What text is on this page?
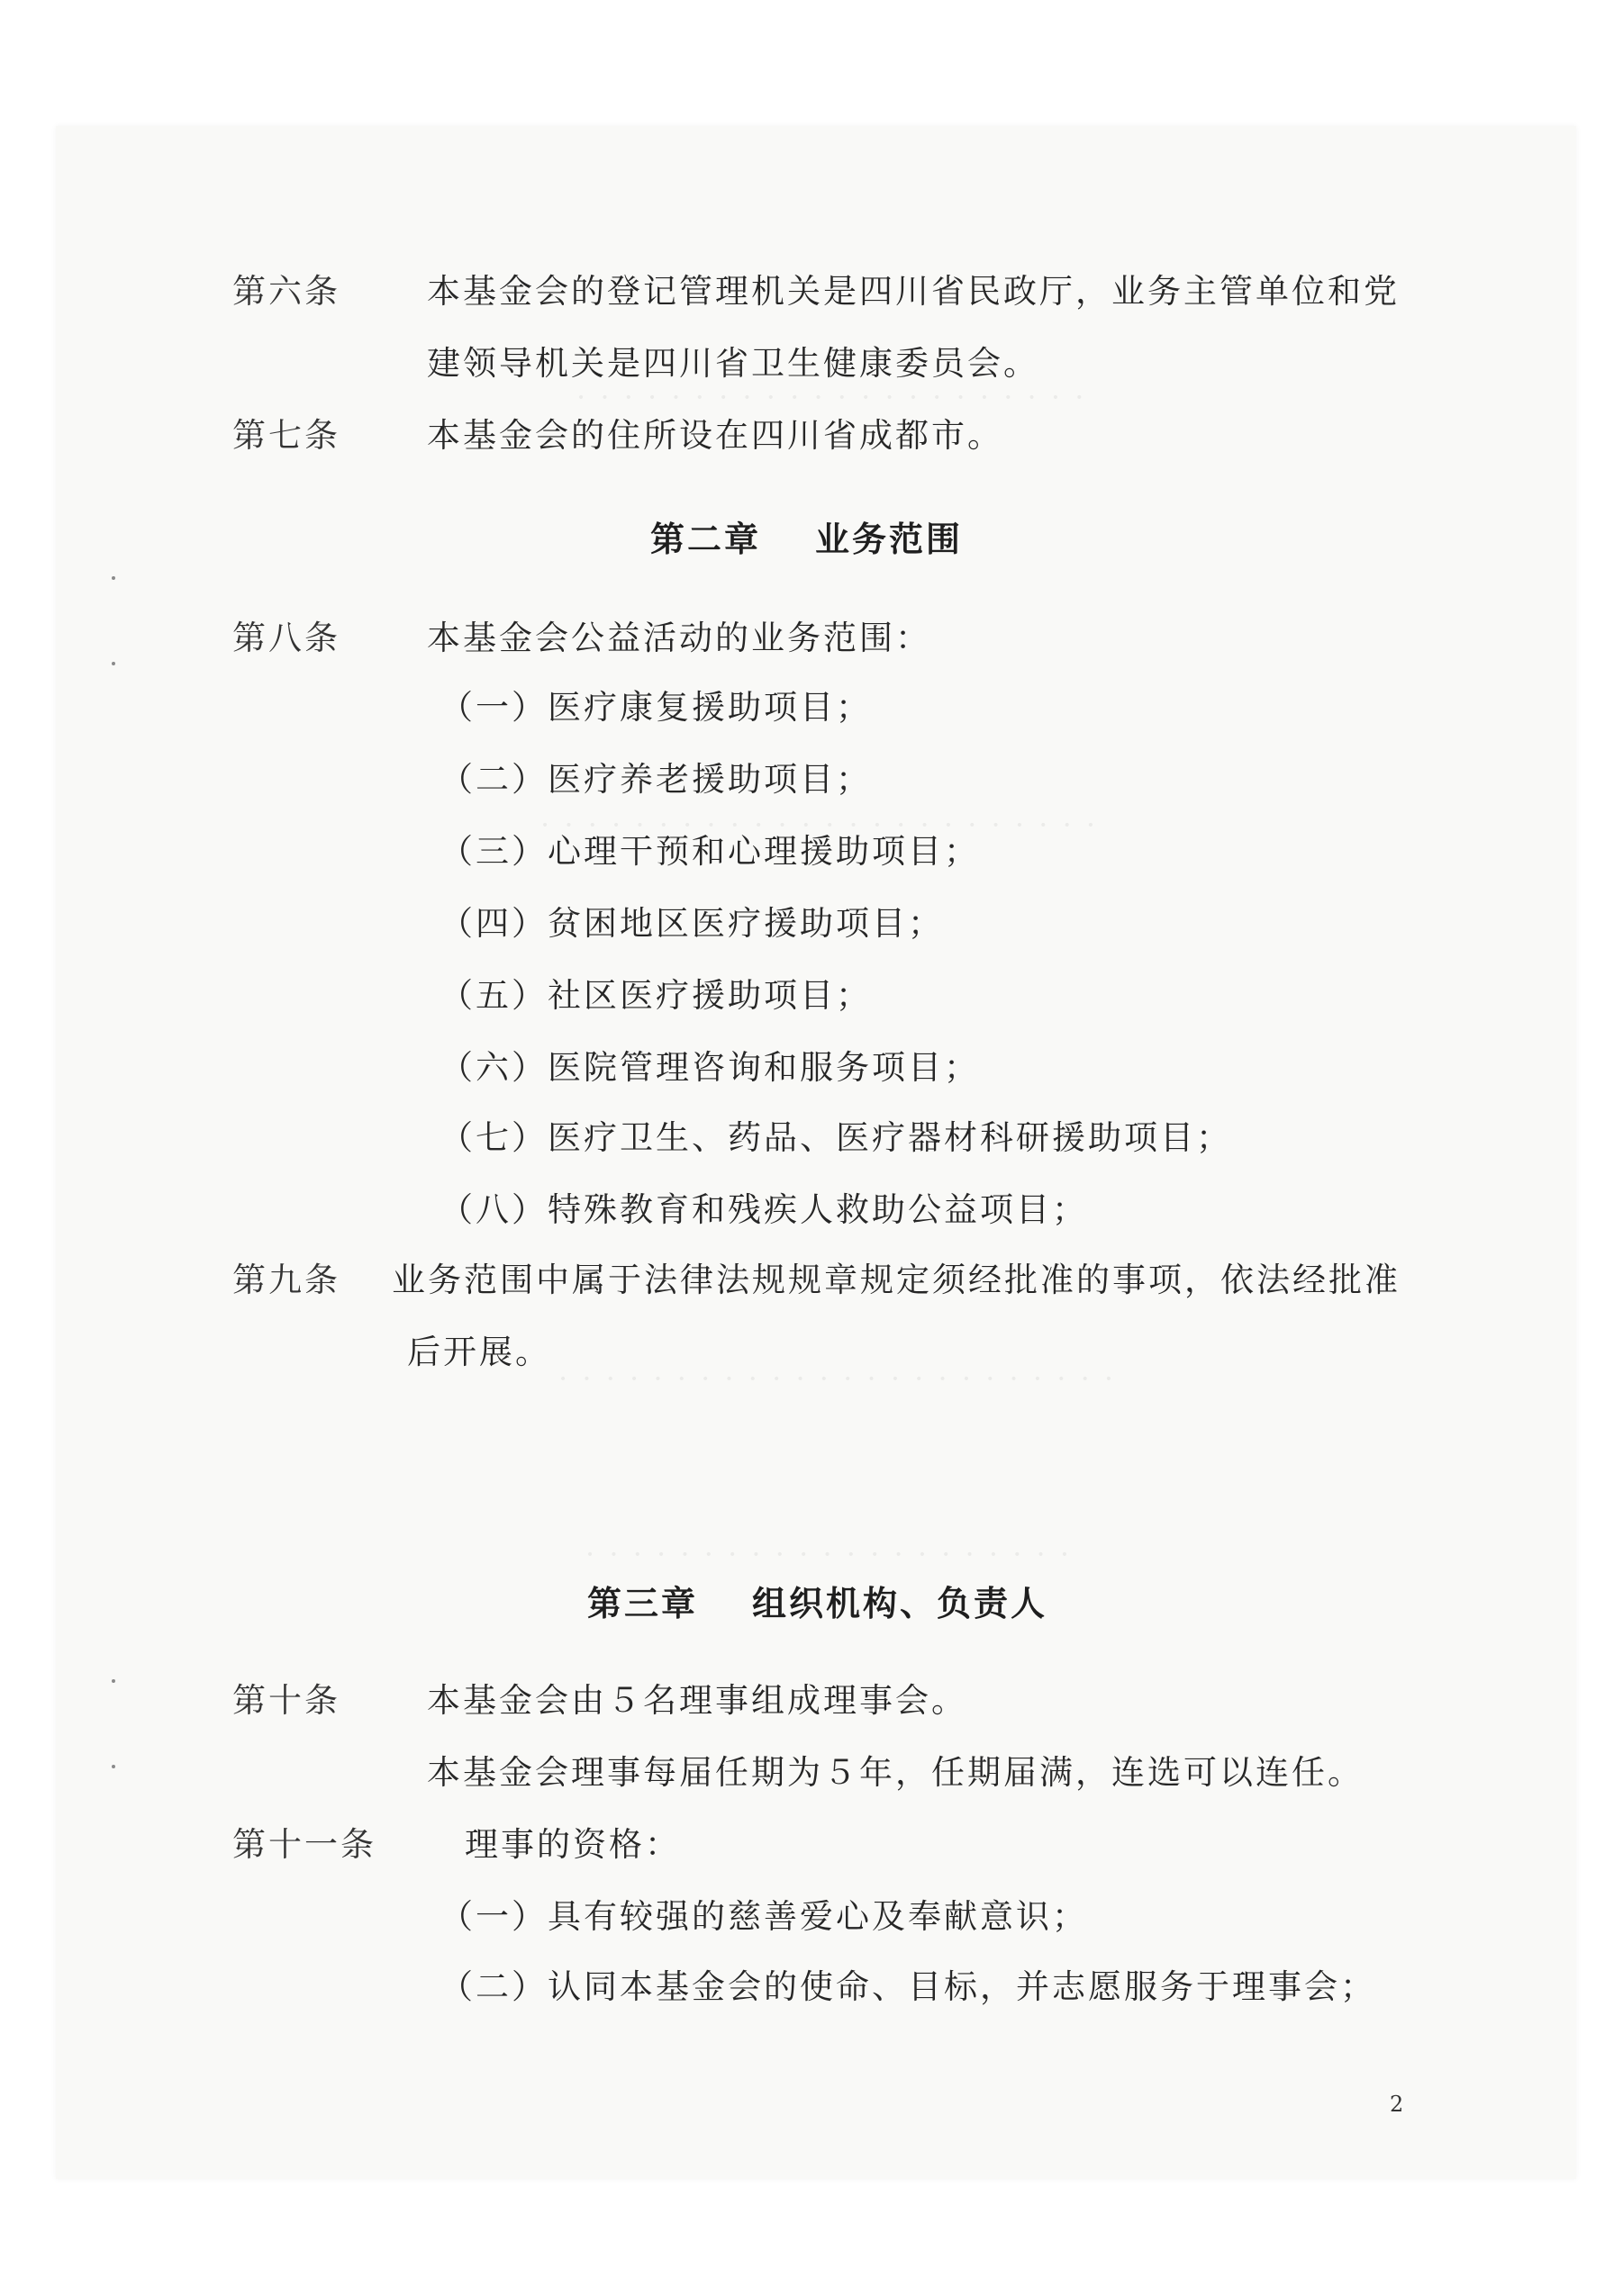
· · · · · · · · · · · · · · · · · · · · · ·
· · · · · · · · · · · · · · · · · · · · · · · ·
· · · · · · · · · · · · · · · · · · · · · · · ·
· · · · · · · · · · · · · · · · · · · · ·
第六条	本基金会的登记管理机关是四川省民政厅，业务主管单位和党
建领导机关是四川省卫生健康委员会。
第七条	本基金会的住所设在四川省成都市。
第二章 业务范围
第八条	本基金会公益活动的业务范围：
（一）医疗康复援助项目；
（二）医疗养老援助项目；
（三）心理干预和心理援助项目；
（四）贫困地区医疗援助项目；
（五）社区医疗援助项目；
（六）医院管理咨询和服务项目；
（七）医疗卫生、药品、医疗器材科研援助项目；
（八）特殊教育和残疾人救助公益项目；
第九条 业务范围中属于法律法规规章规定须经批准的事项，依法经批准
后开展。
第三章 组织机构、负责人
第十条	本基金会由５名理事组成理事会。
本基金会理事每届任期为５年，任期届满，连选可以连任。
第十一条	理事的资格：
（一）具有较强的慈善爱心及奉献意识；
（二）认同本基金会的使命、目标，并志愿服务于理事会；
2
